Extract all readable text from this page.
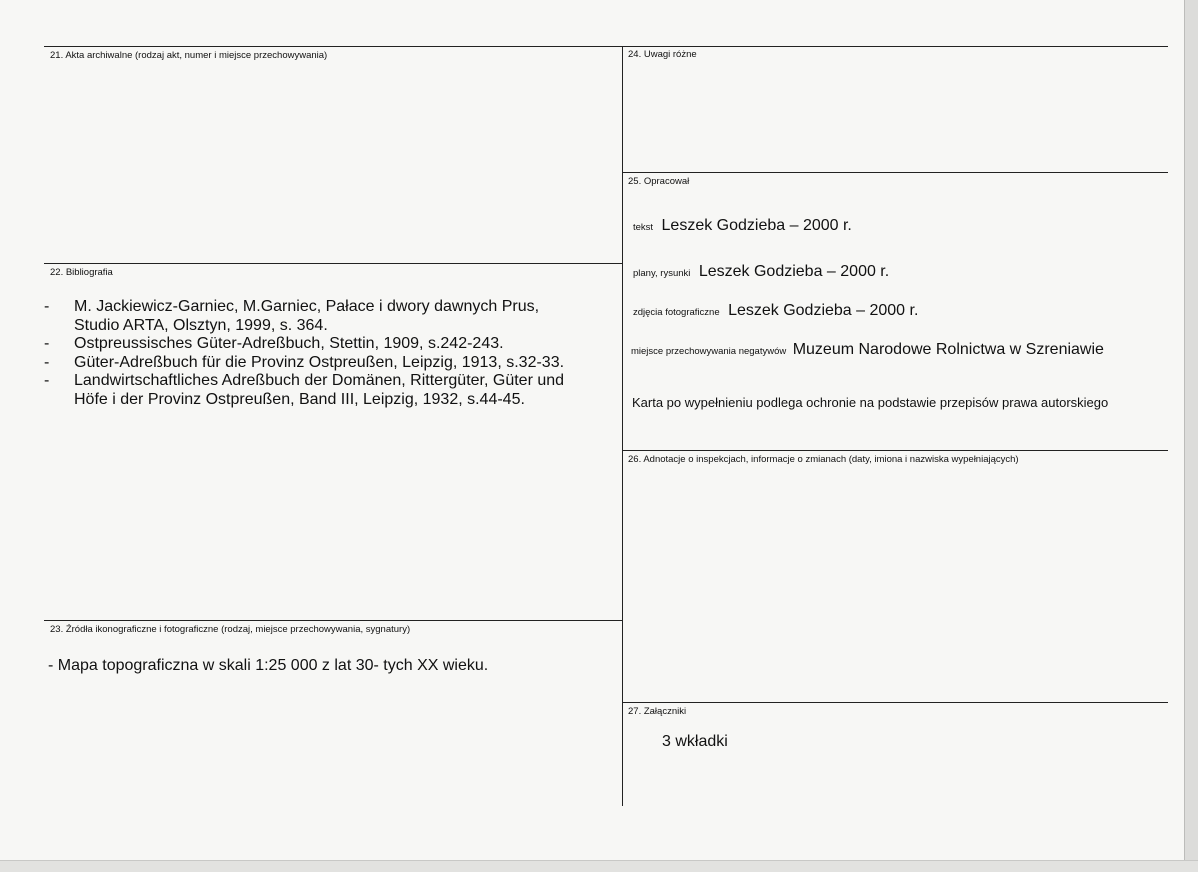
21. Akta archiwalne (rodzaj akt, numer i miejsce przechowywania)
22. Bibliografia
- M. Jackiewicz-Garniec, M.Garniec, Pałace i dwory dawnych Prus,
Studio ARTA, Olsztyn, 1999, s. 364.
- Ostpreussisches Güter-Adreßbuch, Stettin, 1909, s.242-243.
- Güter-Adreßbuch für die Provinz Ostpreußen, Leipzig, 1913, s.32-33.
- Landwirtschaftliches Adreßbuch der Domänen, Rittergüter, Güter und
Höfe i der Provinz Ostpreußen, Band III, Leipzig, 1932, s.44-45.
23. Źródła ikonograficzne i fotograficzne (rodzaj, miejsce przechowywania, sygnatury)
- Mapa topograficzna w skali 1:25 000 z lat 30- tych XX wieku.
24. Uwagi różne
25. Opracował
tekst Leszek Godzieba – 2000 r.
plany, rysunki Leszek Godzieba – 2000 r.
zdjęcia fotograficzne Leszek Godzieba – 2000 r.
miejsce przechowywania negatywów Muzeum Narodowe Rolnictwa w Szreniawie
Karta po wypełnieniu podlega ochronie na podstawie przepisów prawa autorskiego
26. Adnotacje o inspekcjach, informacje o zmianach (daty, imiona i nazwiska wypełniających)
27. Załączniki
3 wkładki
